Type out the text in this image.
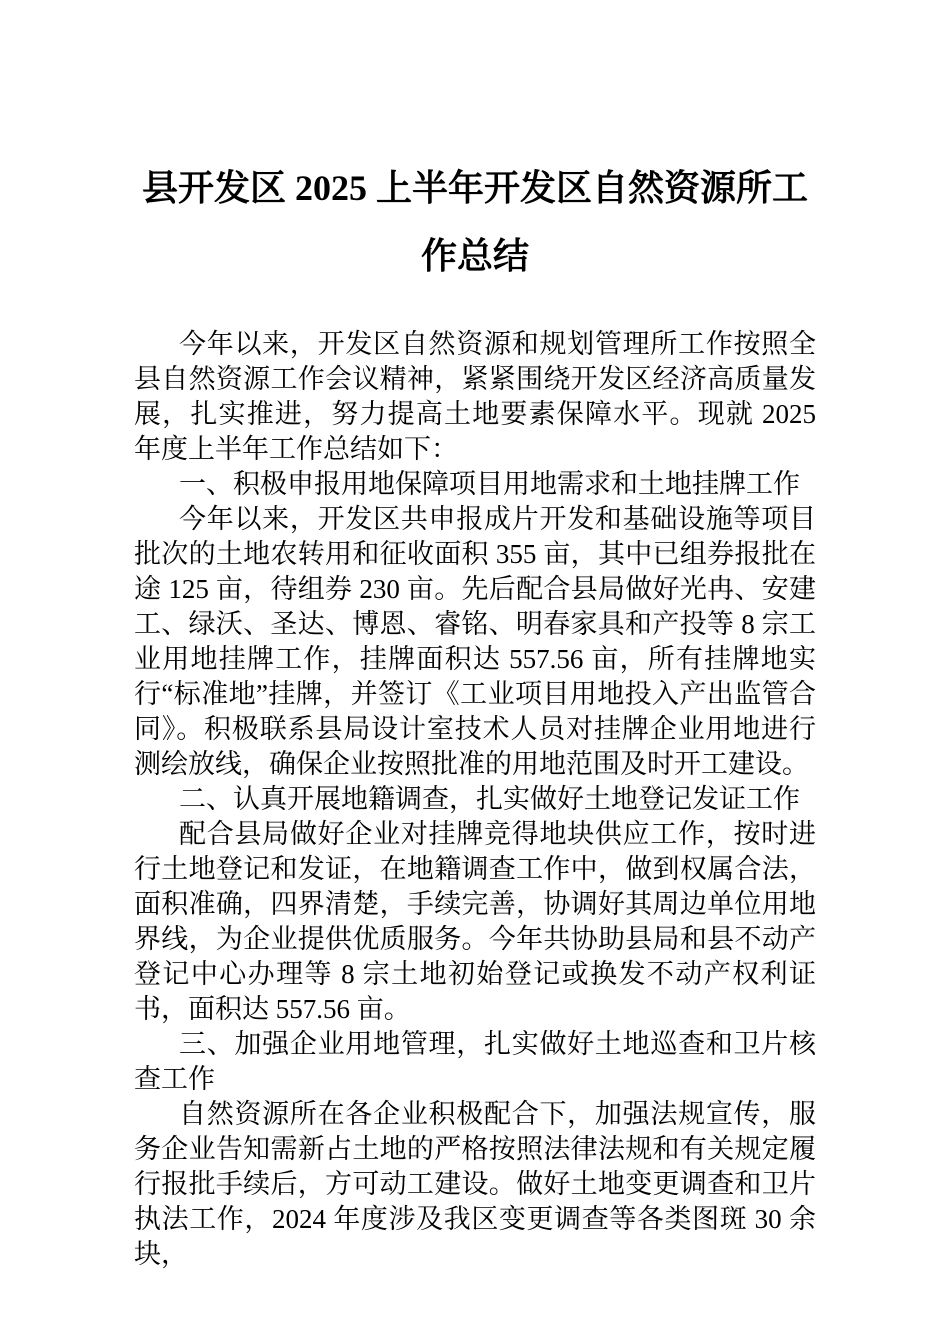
县开发区 2025 上半年开发区自然资源所工
作总结

今年以来，开发区自然资源和规划管理所工作按照全县自然资源工作会议精神，紧紧围绕开发区经济高质量发展，扎实推进，努力提高土地要素保障水平。现就 2025 年度上半年工作总结如下：

一、积极申报用地保障项目用地需求和土地挂牌工作

今年以来，开发区共申报成片开发和基础设施等项目批次的土地农转用和征收面积 355 亩，其中已组券报批在途 125 亩，待组券 230 亩。先后配合县局做好光冉、安建工、绿沃、圣达、博恩、睿铭、明春家具和产投等 8 宗工业用地挂牌工作，挂牌面积达 557.56 亩，所有挂牌地实行“标准地”挂牌，并签订《工业项目用地投入产出监管合同》。积极联系县局设计室技术人员对挂牌企业用地进行测绘放线，确保企业按照批准的用地范围及时开工建设。

二、认真开展地籍调查，扎实做好土地登记发证工作

配合县局做好企业对挂牌竞得地块供应工作，按时进行土地登记和发证，在地籍调查工作中，做到权属合法，面积准确，四界清楚，手续完善，协调好其周边单位用地界线，为企业提供优质服务。今年共协助县局和县不动产登记中心办理等 8 宗土地初始登记或换发不动产权利证书，面积达 557.56 亩。

三、加强企业用地管理，扎实做好土地巡查和卫片核查工作

自然资源所在各企业积极配合下，加强法规宣传，服务企业告知需新占土地的严格按照法律法规和有关规定履行报批手续后，方可动工建设。做好土地变更调查和卫片执法工作，2024 年度涉及我区变更调查等各类图斑 30 余块，
